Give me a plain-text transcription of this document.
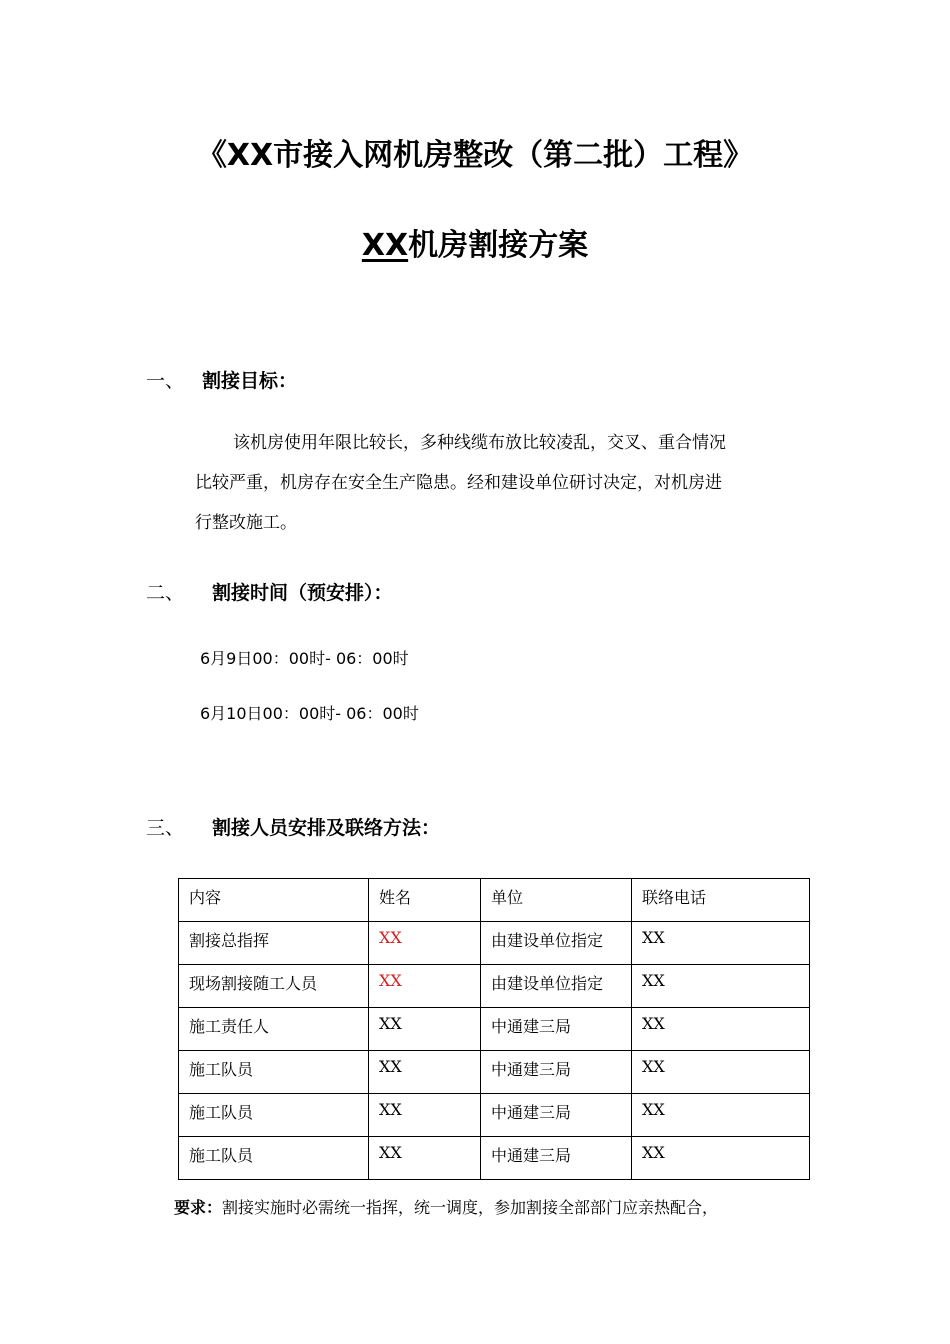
《XX市接入网机房整改（第二批）工程》
XX机房割接方案
一、 割接目标：
该机房使用年限比较长，多种线缆布放比较凌乱，交叉、重合情况
比较严重，机房存在安全生产隐患。经和建设单位研讨决定，对机房进
行整改施工。
二、 割接时间（预安排）：
6月9日00：00时- 06：00时
6月10日00：00时- 06：00时
三、 割接人员安排及联络方法：
内容	姓名	单位	联络电话
割接总指挥	XX	由建设单位指定	XX
现场割接随工人员	XX	由建设单位指定	XX
施工责任人	XX	中通建三局	XX
施工队员	XX	中通建三局	XX
施工队员	XX	中通建三局	XX
施工队员	XX	中通建三局	XX
要求：割接实施时必需统一指挥，统一调度，参加割接全部部门应亲热配合，
